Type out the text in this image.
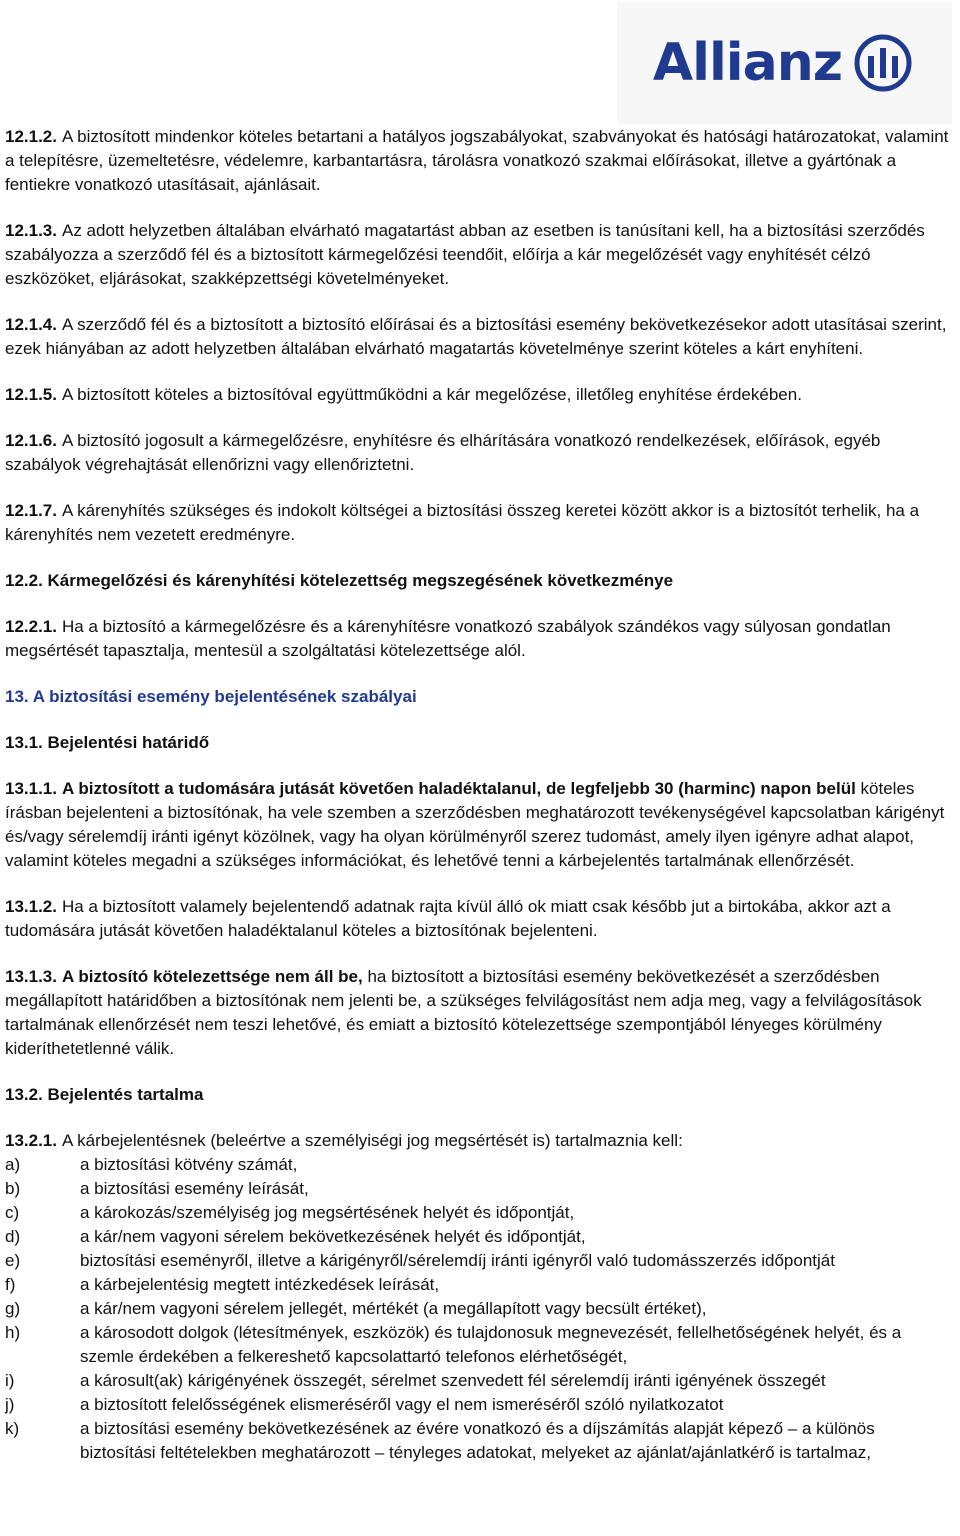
Allianz

12.1.2. A biztosított mindenkor köteles betartani a hatályos jogszabályokat, szabványokat és hatósági határozatokat, valamint a telepítésre, üzemeltetésre, védelemre, karbantartásra, tárolásra vonatkozó szakmai előírásokat, illetve a gyártónak a fentiekre vonatkozó utasításait, ajánlásait.

12.1.3. Az adott helyzetben általában elvárható magatartást abban az esetben is tanúsítani kell, ha a biztosítási szerződés szabályozza a szerződő fél és a biztosított kármegelőzési teendőit, előírja a kár megelőzését vagy enyhítését célzó eszközöket, eljárásokat, szakképzettségi követelményeket.

12.1.4. A szerződő fél és a biztosított a biztosító előírásai és a biztosítási esemény bekövetkezésekor adott utasításai szerint, ezek hiányában az adott helyzetben általában elvárható magatartás követelménye szerint köteles a kárt enyhíteni.

12.1.5. A biztosított köteles a biztosítóval együttműködni a kár megelőzése, illetőleg enyhítése érdekében.

12.1.6. A biztosító jogosult a kármegelőzésre, enyhítésre és elhárítására vonatkozó rendelkezések, előírások, egyéb szabályok végrehajtását ellenőrizni vagy ellenőriztetni.

12.1.7. A kárenyhítés szükséges és indokolt költségei a biztosítási összeg keretei között akkor is a biztosítót terhelik, ha a kárenyhítés nem vezetett eredményre.

12.2. Kármegelőzési és kárenyhítési kötelezettség megszegésének következménye

12.2.1. Ha a biztosító a kármegelőzésre és a kárenyhítésre vonatkozó szabályok szándékos vagy súlyosan gondatlan megsértését tapasztalja, mentesül a szolgáltatási kötelezettsége alól.

13. A biztosítási esemény bejelentésének szabályai

13.1. Bejelentési határidő

13.1.1. A biztosított a tudomására jutását követően haladéktalanul, de legfeljebb 30 (harminc) napon belül köteles írásban bejelenteni a biztosítónak, ha vele szemben a szerződésben meghatározott tevékenységével kapcsolatban kárigényt és/vagy sérelemdíj iránti igényt közölnek, vagy ha olyan körülményről szerez tudomást, amely ilyen igényre adhat alapot, valamint köteles megadni a szükséges információkat, és lehetővé tenni a kárbejelentés tartalmának ellenőrzését.

13.1.2. Ha a biztosított valamely bejelentendő adatnak rajta kívül álló ok miatt csak később jut a birtokába, akkor azt a tudomására jutását követően haladéktalanul köteles a biztosítónak bejelenteni.

13.1.3. A biztosító kötelezettsége nem áll be, ha biztosított a biztosítási esemény bekövetkezését a szerződésben megállapított határidőben a biztosítónak nem jelenti be, a szükséges felvilágosítást nem adja meg, vagy a felvilágosítások tartalmának ellenőrzését nem teszi lehetővé, és emiatt a biztosító kötelezettsége szempontjából lényeges körülmény kideríthetetlenné válik.

13.2. Bejelentés tartalma

13.2.1. A kárbejelentésnek (beleértve a személyiségi jog megsértését is) tartalmaznia kell:

a)	a biztosítási kötvény számát,
b)	a biztosítási esemény leírását,
c)	a károkozás/személyiség jog megsértésének helyét és időpontját,
d)	a kár/nem vagyoni sérelem bekövetkezésének helyét és időpontját,
e)	biztosítási eseményről, illetve a kárigényről/sérelemdíj iránti igényről való tudomásszerzés időpontját
f)	a kárbejelentésig megtett intézkedések leírását,
g)	a kár/nem vagyoni sérelem jellegét, mértékét (a megállapított vagy becsült értéket),
h)	a károsodott dolgok (létesítmények, eszközök) és tulajdonosuk megnevezését, fellelhetőségének helyét, és a szemle érdekében a felkereshető kapcsolattartó telefonos elérhetőségét,
i)	a károsult(ak) kárigényének összegét, sérelmet szenvedett fél sérelemdíj iránti igényének összegét
j)	a biztosított felelősségének elismeréséről vagy el nem ismeréséről szóló nyilatkozatot
k)	a biztosítási esemény bekövetkezésének az évére vonatkozó és a díjszámítás alapját képező – a különös biztosítási feltételekben meghatározott – tényleges adatokat, melyeket az ajánlat/ajánlatkérő is tartalmaz,
